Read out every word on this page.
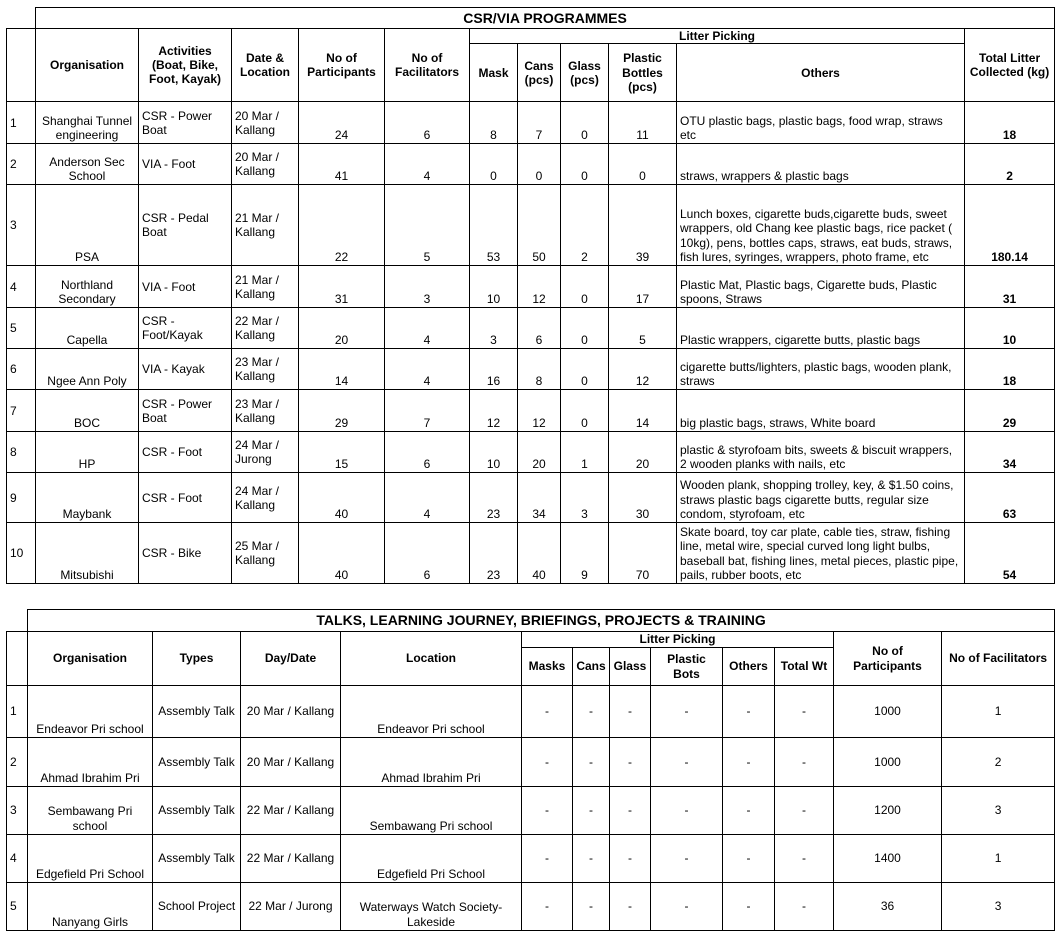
	CSR/VIA PROGRAMMES										
	Organisation	Activities (Boat, Bike, Foot, Kayak)	Date & Location	No of Participants	No of Facilitators	Litter Picking					Total Litter Collected (kg)
						Mask	Cans (pcs)	Glass (pcs)	Plastic Bottles (pcs)	Others	
1	Shanghai Tunnel engineering	CSR - Power Boat	20 Mar / Kallang	24	6	8	7	0	11	OTU plastic bags, plastic bags, food wrap, straws etc	18
2	Anderson Sec School	VIA - Foot	20 Mar / Kallang	41	4	0	0	0	0	straws, wrappers & plastic bags	2
3	PSA	CSR - Pedal Boat	21 Mar / Kallang	22	5	53	50	2	39	Lunch boxes, cigarette buds,cigarette buds, sweet wrappers, old Chang kee plastic bags, rice packet ( 10kg), pens, bottles caps, straws, eat buds, straws, fish lures, syringes, wrappers, photo frame, etc	180.14
4	Northland Secondary	VIA - Foot	21 Mar / Kallang	31	3	10	12	0	17	Plastic Mat, Plastic bags, Cigarette buds, Plastic spoons, Straws	31
5	Capella	CSR - Foot/Kayak	22 Mar / Kallang	20	4	3	6	0	5	Plastic wrappers, cigarette butts, plastic bags	10
6	Ngee Ann Poly	VIA - Kayak	23 Mar / Kallang	14	4	16	8	0	12	cigarette butts/lighters, plastic bags, wooden plank, straws	18
7	BOC	CSR - Power Boat	23 Mar / Kallang	29	7	12	12	0	14	big plastic bags, straws, White board	29
8	HP	CSR - Foot	24 Mar / Jurong	15	6	10	20	1	20	plastic & styrofoam bits, sweets & biscuit wrappers, 2 wooden planks with nails, etc	34
9	Maybank	CSR - Foot	24 Mar / Kallang	40	4	23	34	3	30	Wooden plank, shopping trolley, key, & $1.50 coins, straws plastic bags cigarette butts, regular size condom, styrofoam, etc	63
10	Mitsubishi	CSR - Bike	25 Mar / Kallang	40	6	23	40	9	70	Skate board, toy car plate, cable ties, straw, fishing line, metal wire, special curved long light bulbs, baseball bat, fishing lines, metal pieces, plastic pipe, pails, rubber boots, etc	54
	TALKS, LEARNING JOURNEY, BRIEFINGS, PROJECTS & TRAINING											
	Organisation	Types	Day/Date	Location	Litter Picking						No of Participants	No of Facilitators
					Masks	Cans	Glass	Plastic Bots	Others	Total Wt		
1	Endeavor Pri school	Assembly Talk	20 Mar / Kallang	Endeavor Pri school	-	-	-	-	-	-	1000	1
2	Ahmad Ibrahim Pri	Assembly Talk	20 Mar / Kallang	Ahmad Ibrahim Pri	-	-	-	-	-	-	1000	2
3	Sembawang Pri school	Assembly Talk	22 Mar / Kallang	Sembawang Pri school	-	-	-	-	-	-	1200	3
4	Edgefield Pri School	Assembly Talk	22 Mar / Kallang	Edgefield Pri School	-	-	-	-	-	-	1400	1
5	Nanyang Girls	School Project	22 Mar / Jurong	Waterways Watch Society-Lakeside	-	-	-	-	-	-	36	3
